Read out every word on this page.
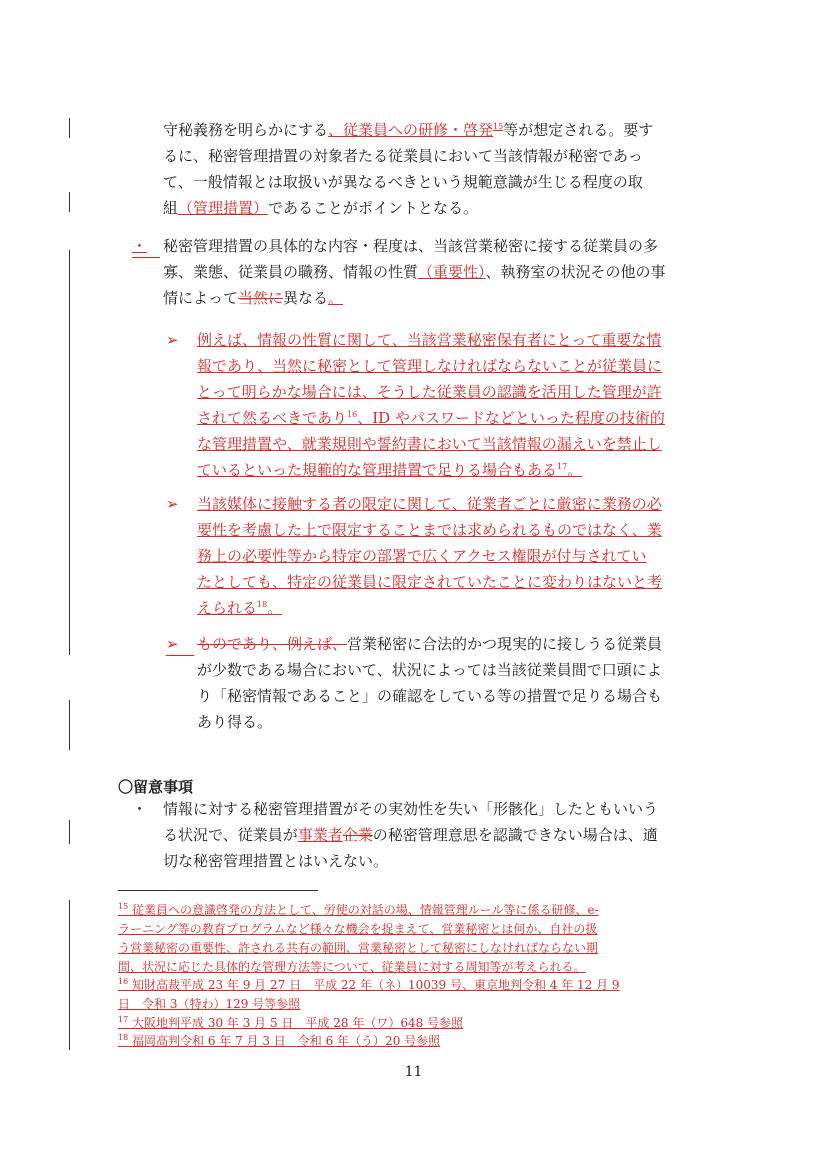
守秘義務を明らかにする、従業員への研修・啓発$^{15}$等が想定される。要す
るに、秘密管理措置の対象者たる従業員において当該情報が秘密であっ
て、一般情報とは取扱いが異なるべきという規範意識が生じる程度の取
組（管理措置）であることがポイントとなる。
・ 秘密管理措置の具体的な内容・程度は、当該営業秘密に接する従業員の多
寡、業態、従業員の職務、情報の性質（重要性）、執務室の状況その他の事
情によって当然に異なる。
➢ 例えば、情報の性質に関して、当該営業秘密保有者にとって重要な情
報であり、当然に秘密として管理しなければならないことが従業員に
とって明らかな場合には、そうした従業員の認識を活用した管理が許
されて然るべきであり$^{16}$、ID やパスワードなどといった程度の技術的
な管理措置や、就業規則や誓約書において当該情報の漏えいを禁止し
ているといった規範的な管理措置で足りる場合もある$^{17}$。
➢ 当該媒体に接触する者の限定に関して、従業者ごとに厳密に業務の必
要性を考慮した上で限定することまでは求められるものではなく、業
務上の必要性等から特定の部署で広くアクセス権限が付与されてい
たとしても、特定の従業員に限定されていたことに変わりはないと考
えられる$^{18}$。
➢ ものであり、例えば、営業秘密に合法的かつ現実的に接しうる従業員
が少数である場合において、状況によっては当該従業員間で口頭によ
り「秘密情報であること」の確認をしている等の措置で足りる場合も
あり得る。
〇留意事項
・ 情報に対する秘密管理措置がその実効性を失い「形骸化」したともいいう
る状況で、従業員が事業者企業の秘密管理意思を認識できない場合は、適
切な秘密管理措置とはいえない。
$^{15}$ 従業員への意識啓発の方法として、労使の対話の場、情報管理ルール等に係る研修、e-
ラーニング等の教育プログラムなど様々な機会を捉まえて、営業秘密とは何か、自社の扱
う営業秘密の重要性、許される共有の範囲、営業秘密として秘密にしなければならない期
間、状況に応じた具体的な管理方法等について、従業員に対する周知等が考えられる。
$^{16}$ 知財高裁平成 23 年 9 月 27 日　平成 22 年（ネ）10039 号、東京地判令和 4 年 12 月 9
日　令和 3（特わ）129 号等参照
$^{17}$ 大阪地判平成 30 年 3 月 5 日　平成 28 年（ワ）648 号参照
$^{18}$ 福岡高判令和 6 年 7 月 3 日　令和 6 年（う）20 号参照
11
